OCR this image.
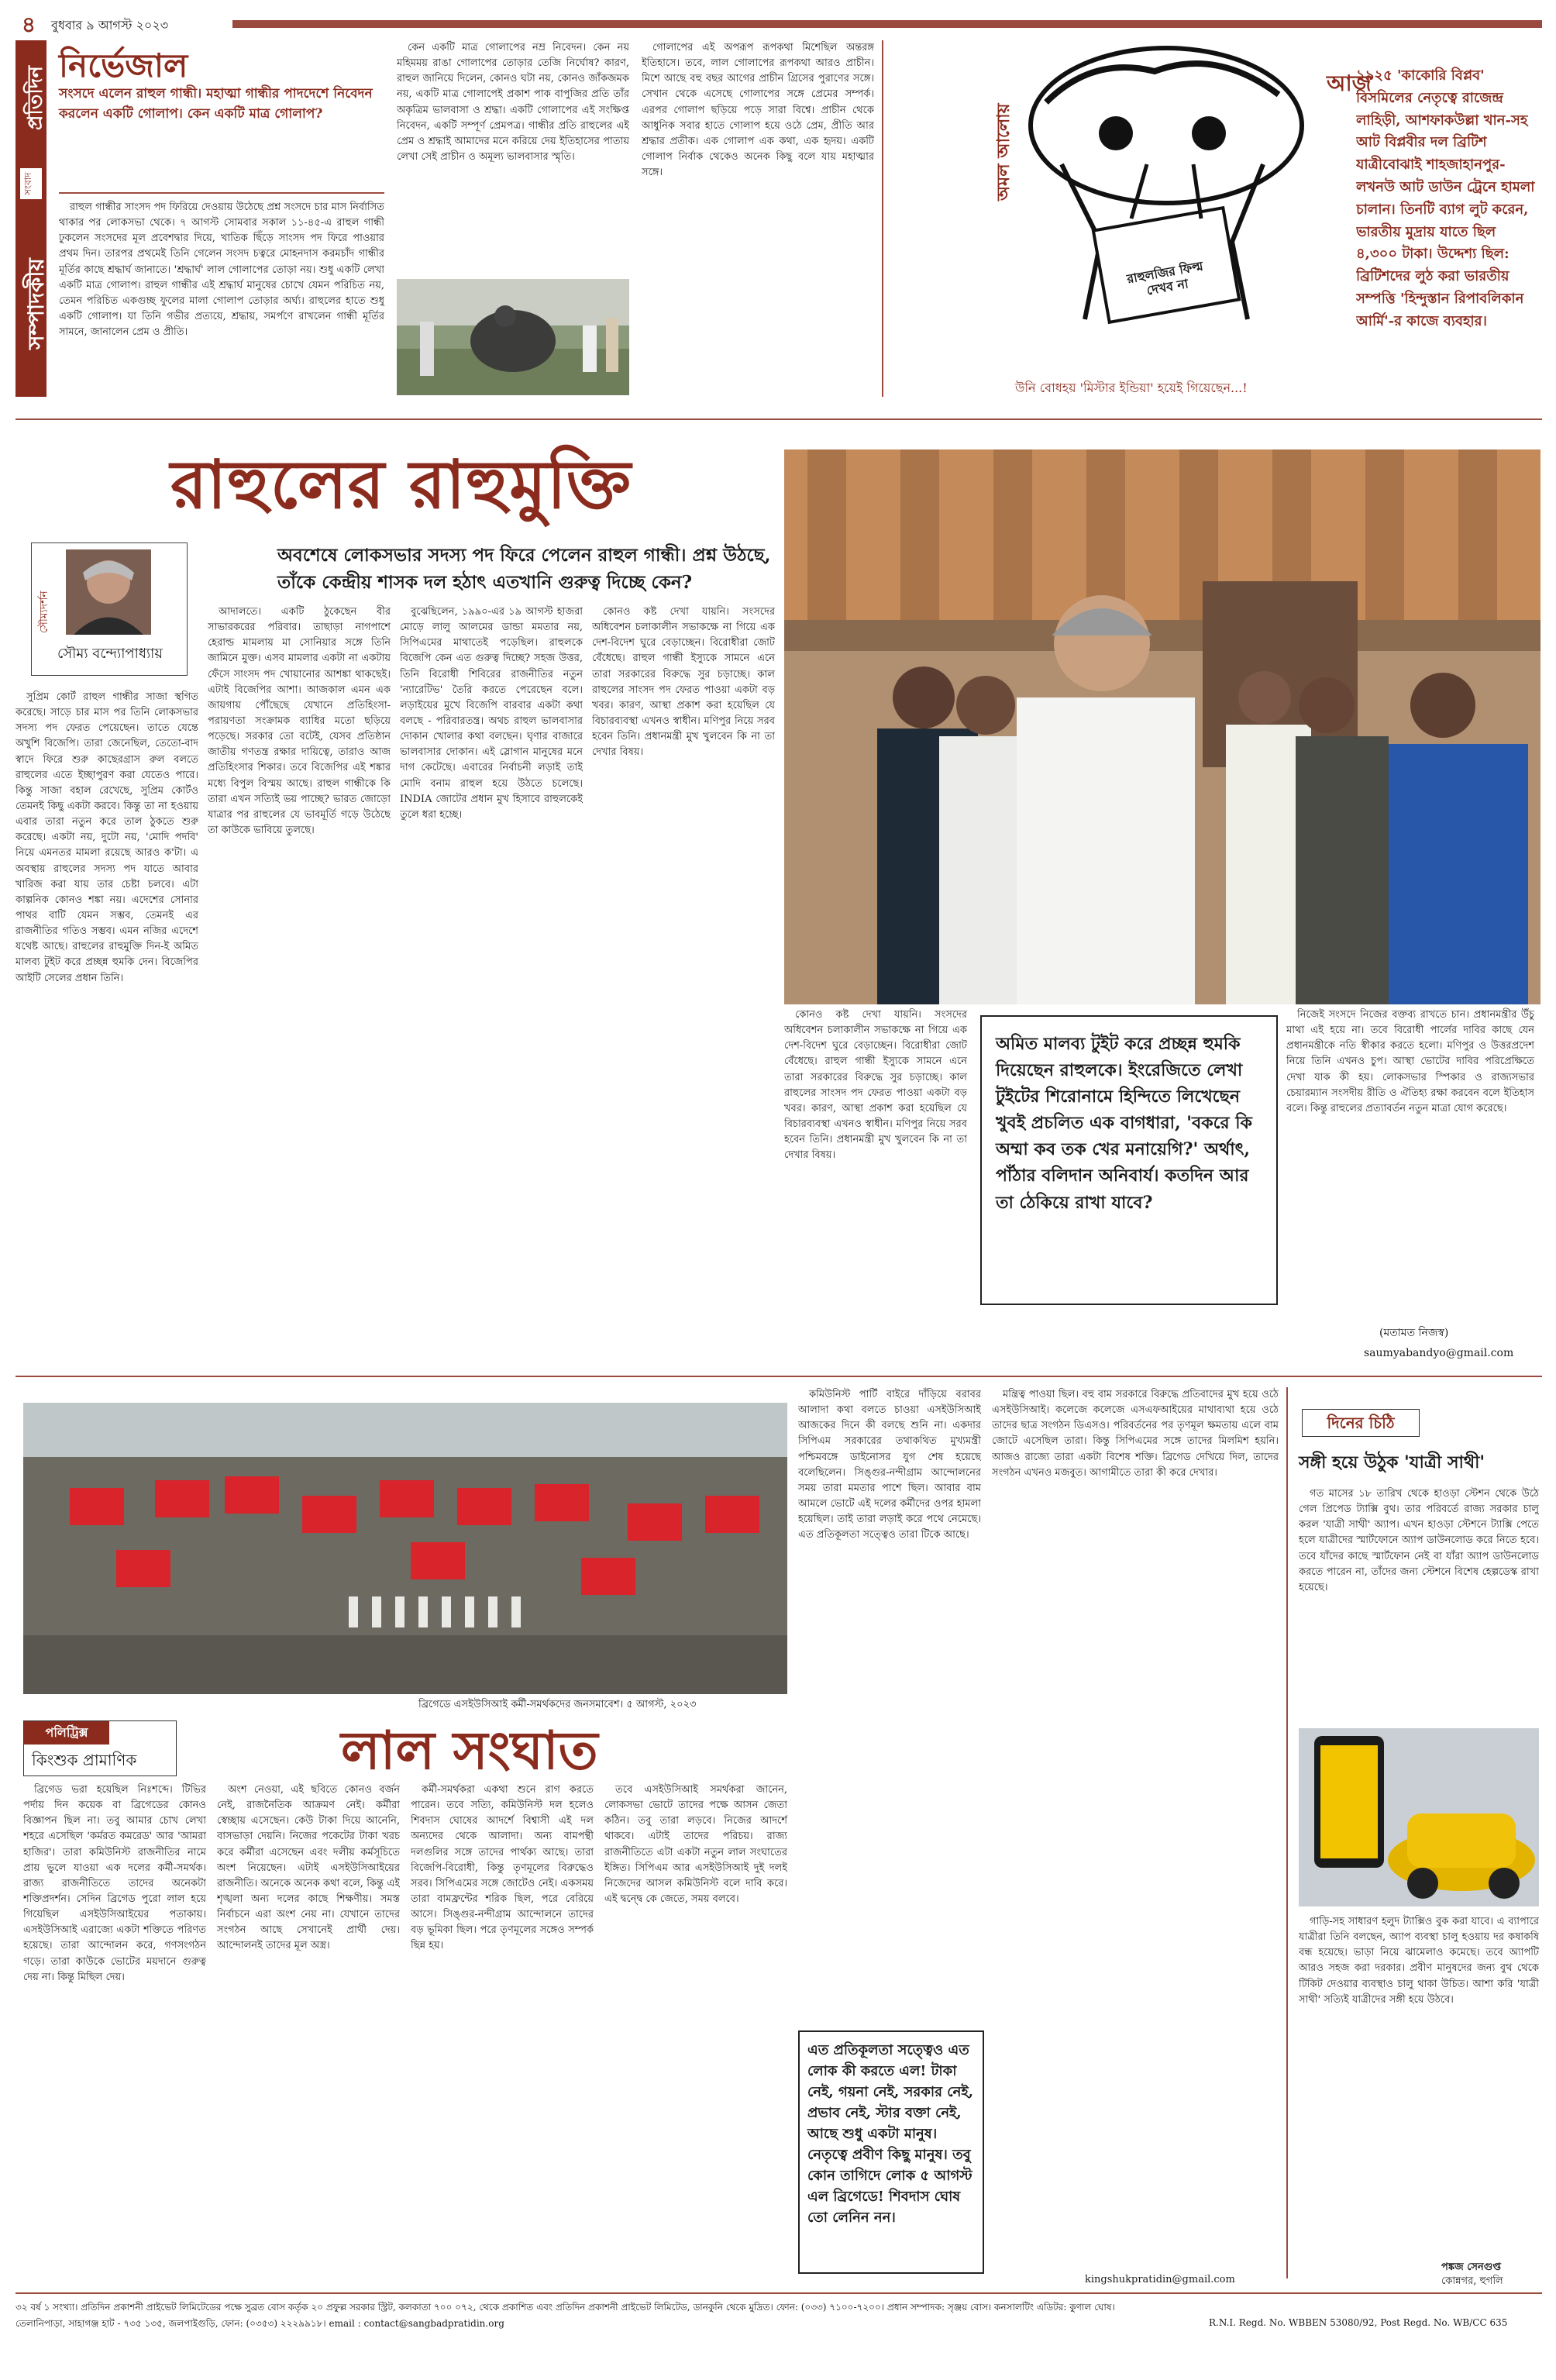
৪	বুধবার ৯ আগস্ট ২০২৩
প্রতিদিন
সংবাদ
সম্পাদকীয়
নির্ভেজাল
সংসদে এলেন রাহুল গান্ধী। মহাত্মা গান্ধীর পাদদেশে নিবেদন করলেন একটি গোলাপ। কেন একটি মাত্র গোলাপ?

রাহুল গান্ধীর সাংসদ পদ ফিরিয়ে দেওয়ায় উঠেছে প্রশ্ন সংসদে চার মাস নির্বাসিত থাকার পর লোকসভা থেকে। ৭ আগস্ট সোমবার সকাল ১১-৪৫-এ রাহুল গান্ধী ঢুকলেন সংসদের মূল প্রবেশদ্বার দিয়ে, খাতিক ছিঁড়ে সাংসদ পদ ফিরে পাওয়ার প্রথম দিন। তারপর প্রথমেই তিনি গেলেন সংসদ চত্বরে মোহনদাস করমচাঁদ গান্ধীর মূর্তির কাছে শ্রদ্ধার্ঘ জানাতে। 'শ্রদ্ধার্ঘ' লাল গোলাপের তোড়া নয়। শুধু একটি লেখা একটি মাত্র গোলাপ। রাহুল গান্ধীর এই শ্রদ্ধার্ঘ মানুষের চোখে যেমন পরিচিত নয়, তেমন পরিচিত একগুচ্ছ ফুলের মালা গোলাপ তোড়ার অর্ঘ্য। রাহুলের হাতে শুধু একটি গোলাপ। যা তিনি গভীর প্রত্যয়ে, শ্রদ্ধায়, সমর্পণে রাখলেন গান্ধী মূর্তির সামনে, জানালেন প্রেম ও প্রীতি।

কেন একটি মাত্র গোলাপের নম্র নিবেদন। কেন নয় মহিমময় রাঙা গোলাপের তোড়ার তেজি নির্ঘোষ? কারণ, রাহুল জানিয়ে দিলেন, কোনও ঘটা নয়, কোনও জাঁকজমক নয়, একটি মাত্র গোলাপেই প্রকাশ পাক বাপুজির প্রতি তাঁর অকৃত্রিম ভালবাসা ও শ্রদ্ধা। একটি গোলাপের এই সংক্ষিপ্ত নিবেদন, একটি সম্পূর্ণ প্রেমপত্র। গান্ধীর প্রতি রাহুলের এই প্রেম ও শ্রদ্ধাই আমাদের মনে করিয়ে দেয় ইতিহাসের পাতায় লেখা সেই প্রাচীন ও অমূল্য ভালবাসার স্মৃতি।

গোলাপের এই অপরূপ রূপকথা মিশেছিল অন্তরঙ্গ ইতিহাসে। তবে, লাল গোলাপের রূপকথা আরও প্রাচীন। মিশে আছে বহু বছর আগের প্রাচীন গ্রিসের পুরাণের সঙ্গে। সেখান থেকে এসেছে গোলাপের সঙ্গে প্রেমের সম্পর্ক। এরপর গোলাপ ছড়িয়ে পড়ে সারা বিশ্বে। প্রাচীন থেকে আধুনিক সবার হাতে গোলাপ হয়ে ওঠে প্রেম, প্রীতি আর শ্রদ্ধার প্রতীক। এক গোলাপ এক কথা, এক হৃদয়। একটি গোলাপ নির্বাক থেকেও অনেক কিছু বলে যায় মহাত্মার সঙ্গে।	অমল আলোয়
রাহুলজির ফিল্ম দেখব না
উনি বোধহয় 'মিস্টার ইন্ডিয়া' হয়েই গিয়েছেন...!
আজ
১৯২৫ 'কাকোরি বিপ্লব' বিসমিলের নেতৃত্বে রাজেন্দ্র লাহিড়ী, আশফাকউল্লা খান-সহ আট বিপ্লবীর দল ব্রিটিশ যাত্রীবোঝাই শাহজাহানপুর-লখনউ আট ডাউন ট্রেনে হামলা চালান। তিনটি ব্যাগ লুট করেন, ভারতীয় মুদ্রায় যাতে ছিল ৪,৩০০ টাকা। উদ্দেশ্য ছিল: ব্রিটিশদের লুঠ করা ভারতীয় সম্পত্তি 'হিন্দুস্তান রিপাবলিকান আর্মি'-র কাজে ব্যবহার।
রাহুলের রাহুমুক্তি
সৌম্যদর্শন
সৌম্য বন্দ্যোপাধ্যায়
অবশেষে লোকসভার সদস্য পদ ফিরে পেলেন রাহুল গান্ধী। প্রশ্ন উঠছে, তাঁকে কেন্দ্রীয় শাসক দল হঠাৎ এতখানি গুরুত্ব দিচ্ছে কেন?

সুপ্রিম কোর্ট রাহুল গান্ধীর সাজা স্থগিত করেছে। সাড়ে চার মাস পর তিনি লোকসভার সদস্য পদ ফেরত পেয়েছেন। তাতে যেন্তে অখুশি বিজেপি। তারা জেনেছিল, তেতো-বাদ স্বাদে ফিরে শুরু কাছেরগ্রাস রুল বলতে রাহুলের এতে ইচ্ছাপুরণ করা যেতেও পারে। কিন্তু সাজা বহাল রেখেছে, সুপ্রিম কোর্টও তেমনই কিছু একটা করবে। কিন্তু তা না হওয়ায় এবার তারা নতুন করে তাল ঠুকতে শুরু করেছে। একটা নয়, দুটো নয়, 'মোদি পদবি' নিয়ে এমনতর মামলা রয়েছে আরও ক'টা। এ অবস্থায় রাহুলের সদস্য পদ যাতে আবার খারিজ করা যায় তার চেষ্টা চলবে। এটা কাল্পনিক কোনও শঙ্কা নয়। এদেশের সোনার পাথর বাটি যেমন সম্ভব, তেমনই এর রাজনীতির গতিও সম্ভব। এমন নজির এদেশে যথেষ্ট আছে। রাহুলের রাহুমুক্তি দিন-ই অমিত মালব্য টুইট করে প্রচ্ছন্ন হুমকি দেন। বিজেপির আইটি সেলের প্রধান তিনি।

আদালতে। একটি ঠুকেছেন বীর সাভারকরের পরিবার। তাছাড়া নাগপাশে হেরাল্ড মামলায় মা সোনিয়ার সঙ্গে তিনি জামিনে মুক্ত। এসব মামলার একটা না একটায় ফেঁসে সাংসদ পদ খোয়ানোর আশঙ্কা থাকছেই। এটাই বিজেপির আশা। আজকাল এমন এক জায়গায় পৌঁছেছে যেখানে প্রতিহিংসা-পরায়ণতা সংক্রামক ব্যাধির মতো ছড়িয়ে পড়েছে। সরকার তো বটেই, যেসব প্রতিষ্ঠান জাতীয় গণতন্ত্র রক্ষার দায়িত্বে, তারাও আজ প্রতিহিংসার শিকার। তবে বিজেপির এই শঙ্কার মধ্যে বিপুল বিস্ময় আছে। রাহুল গান্ধীকে কি তারা এখন সত্যিই ভয় পাচ্ছে? ভারত জোড়ো যাত্রার পর রাহুলের যে ভাবমূর্তি গড়ে উঠেছে তা কাউকে ভাবিয়ে তুলছে।

বুঝেছিলেন, ১৯৯০-এর ১৯ আগস্ট হাজরা মোড়ে লালু আলমের ডান্ডা মমতার নয়, সিপিএমের মাথাতেই পড়েছিল। রাহুলকে বিজেপি কেন এত গুরুত্ব দিচ্ছে? সহজ উত্তর, তিনি বিরোধী শিবিরের রাজনীতির নতুন 'ন্যারেটিভ' তৈরি করতে পেরেছেন বলে। লড়াইয়ের মুখে বিজেপি বারবার একটা কথা বলছে - পরিবারতন্ত্র। অথচ রাহুল ভালবাসার দোকান খোলার কথা বলছেন। ঘৃণার বাজারে ভালবাসার দোকান। এই স্লোগান মানুষের মনে দাগ কেটেছে। এবারের নির্বাচনী লড়াই তাই মোদি বনাম রাহুল হয়ে উঠতে চলেছে। INDIA জোটের প্রধান মুখ হিসাবে রাহুলকেই তুলে ধরা হচ্ছে।

কোনও কষ্ট দেখা যায়নি। সংসদের অধিবেশন চলাকালীন সভাকক্ষে না গিয়ে এক দেশ-বিদেশ ঘুরে বেড়াচ্ছেন। বিরোধীরা জোট বেঁধেছে। রাহুল গান্ধী ইস্যুকে সামনে এনে তারা সরকারের বিরুদ্ধে সুর চড়াচ্ছে। কাল রাহুলের সাংসদ পদ ফেরত পাওয়া একটা বড় খবর। কারণ, আস্থা প্রকাশ করা হয়েছিল যে বিচারব্যবস্থা এখনও স্বাধীন। মণিপুর নিয়ে সরব হবেন তিনি। প্রধানমন্ত্রী মুখ খুলবেন কি না তা দেখার বিষয়।

কোনও কষ্ট দেখা যায়নি। সংসদের অধিবেশন চলাকালীন সভাকক্ষে না গিয়ে এক দেশ-বিদেশ ঘুরে বেড়াচ্ছেন। বিরোধীরা জোট বেঁধেছে। রাহুল গান্ধী ইস্যুকে সামনে এনে তারা সরকারের বিরুদ্ধে সুর চড়াচ্ছে। কাল রাহুলের সাংসদ পদ ফেরত পাওয়া একটা বড় খবর। কারণ, আস্থা প্রকাশ করা হয়েছিল যে বিচারব্যবস্থা এখনও স্বাধীন। মণিপুর নিয়ে সরব হবেন তিনি। প্রধানমন্ত্রী মুখ খুলবেন কি না তা দেখার বিষয়।

অমিত মালব্য টুইট করে প্রচ্ছন্ন হুমকি দিয়েছেন রাহুলকে। ইংরেজিতে লেখা টুইটের শিরোনামে হিন্দিতে লিখেছেন খুবই প্রচলিত এক বাগধারা, 'বকরে কি অম্মা কব তক খের মনায়েগি?' অর্থাৎ, পাঁঠার বলিদান অনিবার্য। কতদিন আর তা ঠেকিয়ে রাখা যাবে?

নিজেই সংসদে নিজের বক্তব্য রাখতে চান। প্রধানমন্ত্রীর উঁচু মাথা এই হয়ে না। তবে বিরোধী পার্লের দাবির কাছে যেন প্রধানমন্ত্রীকে নতি স্বীকার করতে হলো। মণিপুর ও উত্তরপ্রদেশ নিয়ে তিনি এখনও চুপ। আস্থা ভোটের দাবির পরিপ্রেক্ষিতে দেখা যাক কী হয়। লোকসভার স্পিকার ও রাজ্যসভার চেয়ারম্যান সংসদীয় রীতি ও ঐতিহ্য রক্ষা করবেন বলে ইতিহাস বলে। কিন্তু রাহুলের প্রত্যাবর্তন নতুন মাত্রা যোগ করেছে।

(মতামত নিজস্ব)
saumyabandyo@gmail.com
ব্রিগেডে এসইউসিআই কর্মী-সমর্থকদের জনসমাবেশ। ৫ আগস্ট, ২০২৩
পলিট্রিক্স
কিংশুক প্রামাণিক	লাল সংঘাত

ব্রিগেড ভরা হয়েছিল নিঃশব্দে। টিভির পর্দায় দিন কয়েক বা ব্রিগেডের কোনও বিজ্ঞাপন ছিল না। তবু আমার চোখ লেখা শহরে এসেছিল 'কর্মরত কমরেড' আর 'আমরা হাজির'। তারা কমিউনিস্ট রাজনীতির নামে প্রায় ভুলে যাওয়া এক দলের কর্মী-সমর্থক। রাজ্য রাজনীতিতে তাদের অনেকটা শক্তিপ্রদর্শন। সেদিন ব্রিগেড পুরো লাল হয়ে গিয়েছিল এসইউসিআইয়ের পতাকায়। এসইউসিআই এরাজ্যে একটা শক্তিতে পরিণত হয়েছে। তারা আন্দোলন করে, গণসংগঠন গড়ে। তারা কাউকে ভোটের ময়দানে গুরুত্ব দেয় না। কিন্তু মিছিল দেয়।

অংশ নেওয়া, এই ছবিতে কোনও বর্জন নেই, রাজনৈতিক আক্রমণ নেই। কর্মীরা স্বেচ্ছায় এসেছেন। কেউ টাকা দিয়ে আনেনি, বাসভাড়া দেয়নি। নিজের পকেটের টাকা খরচ করে কর্মীরা এসেছেন এবং দলীয় কর্মসূচিতে অংশ নিয়েছেন। এটাই এসইউসিআইয়ের রাজনীতি। অনেকে অনেক কথা বলে, কিন্তু এই শৃঙ্খলা অন্য দলের কাছে শিক্ষণীয়। সমস্ত নির্বাচনে এরা অংশ নেয় না। যেখানে তাদের সংগঠন আছে সেখানেই প্রার্থী দেয়। আন্দোলনই তাদের মূল অস্ত্র।

কর্মী-সমর্থকরা একথা শুনে রাগ করতে পারেন। তবে সত্যি, কমিউনিস্ট দল হলেও শিবদাস ঘোষের আদর্শে বিশ্বাসী এই দল অন্যদের থেকে আলাদা। অন্য বামপন্থী দলগুলির সঙ্গে তাদের পার্থক্য আছে। তারা বিজেপি-বিরোধী, কিন্তু তৃণমূলের বিরুদ্ধেও সরব। সিপিএমের সঙ্গে জোটেও নেই। একসময় তারা বামফ্রন্টের শরিক ছিল, পরে বেরিয়ে আসে। সিঙ্গুর-নন্দীগ্রাম আন্দোলনে তাদের বড় ভূমিকা ছিল। পরে তৃণমূলের সঙ্গেও সম্পর্ক ছিন্ন হয়।

তবে এসইউসিআই সমর্থকরা জানেন, লোকসভা ভোটে তাদের পক্ষে আসন জেতা কঠিন। তবু তারা লড়বে। নিজের আদর্শে থাকবে। এটাই তাদের পরিচয়। রাজ্য রাজনীতিতে এটা একটা নতুন লাল সংঘাতের ইঙ্গিত। সিপিএম আর এসইউসিআই দুই দলই নিজেদের আসল কমিউনিস্ট বলে দাবি করে। এই দ্বন্দ্বে কে জেতে, সময় বলবে।

কমিউনিস্ট পার্টি বাইরে দাঁড়িয়ে বরাবর আলাদা কথা বলতে চাওয়া এসইউসিআই আজকের দিনে কী বলছে শুনি না। একদার সিপিএম সরকারের তথাকথিত মুখ্যমন্ত্রী পশ্চিমবঙ্গে ডাইনোসর যুগ শেষ হয়েছে বলেছিলেন। সিঙ্গুর-নন্দীগ্রাম আন্দোলনের সময় তারা মমতার পাশে ছিল। আবার বাম আমলে ভোটে এই দলের কর্মীদের ওপর হামলা হয়েছিল। তাই তারা লড়াই করে পথে নেমেছে। এত প্রতিকূলতা সত্ত্বেও তারা টিকে আছে।

এত প্রতিকূলতা সত্ত্বেও এত লোক কী করতে এল! টাকা নেই, গয়না নেই, সরকার নেই, প্রভাব নেই, স্টার বক্তা নেই, আছে শুধু একটা মানুষ। নেতৃত্বে প্রবীণ কিছু মানুষ। তবু কোন তাগিদে লোক ৫ আগস্ট এল ব্রিগেডে! শিবদাস ঘোষ তো লেনিন নন।

মন্ত্রিত্ব পাওয়া ছিল। বহু বাম সরকারে বিরুদ্ধে প্রতিবাদের মুখ হয়ে ওঠে এসইউসিআই। কলেজে কলেজে এসএফআইয়ের মাথাব্যথা হয়ে ওঠে তাদের ছাত্র সংগঠন ডিএসও। পরিবর্তনের পর তৃণমূল ক্ষমতায় এলে বাম জোটে এসেছিল তারা। কিন্তু সিপিএমের সঙ্গে তাদের মিলমিশ হয়নি। আজও রাজ্যে তারা একটা বিশেষ শক্তি। ব্রিগেড দেখিয়ে দিল, তাদের সংগঠন এখনও মজবুত। আগামীতে তারা কী করে দেখার।

kingshukpratidin@gmail.com
দিনের চিঠি
সঙ্গী হয়ে উঠুক 'যাত্রী সাথী'

গত মাসের ১৮ তারিখ থেকে হাওড়া স্টেশন থেকে উঠে গেল প্রিপেড ট্যাক্সি বুথ। তার পরিবর্তে রাজ্য সরকার চালু করল 'যাত্রী সাথী' অ্যাপ। এখন হাওড়া স্টেশনে ট্যাক্সি পেতে হলে যাত্রীদের স্মার্টফোনে অ্যাপ ডাউনলোড করে নিতে হবে। তবে যাঁদের কাছে স্মার্টফোন নেই বা যাঁরা অ্যাপ ডাউনলোড করতে পারেন না, তাঁদের জন্য স্টেশনে বিশেষ হেল্পডেস্ক রাখা হয়েছে।

গাড়ি-সহ সাধারণ হলুদ ট্যাক্সিও বুক করা যাবে। এ ব্যাপারে যাত্রীরা তিনি বলছেন, অ্যাপ ব্যবস্থা চালু হওয়ায় দর কষাকষি বন্ধ হয়েছে। ভাড়া নিয়ে ঝামেলাও কমেছে। তবে অ্যাপটি আরও সহজ করা দরকার। প্রবীণ মানুষদের জন্য বুথ থেকে টিকিট দেওয়ার ব্যবস্থাও চালু থাকা উচিত। আশা করি 'যাত্রী সাথী' সত্যিই যাত্রীদের সঙ্গী হয়ে উঠবে।

পঙ্কজ সেনগুপ্ত
কোন্নগর, হুগলি
৩২ বর্ষ ১ সংখ্যা। প্রতিদিন প্রকাশনী প্রাইভেট লিমিটেডের পক্ষে সুব্রত বোস কর্তৃক ২০ প্রফুল্ল সরকার স্ট্রিট, কলকাতা ৭০০ ০৭২, থেকে প্রকাশিত এবং প্রতিদিন প্রকাশনী প্রাইভেট লিমিটেড, ডানকুনি থেকে মুদ্রিত। ফোন: (০৩৩) ৭১০০-৭২০০। প্রধান সম্পাদক: সৃঞ্জয় বোস। কনসালটিং এডিটর: কুণাল ঘোষ।
তেলানিপাড়া, সাহাগঞ্জ হাট - ৭৩৫ ১৩৫, জলপাইগুড়ি, ফোন: (০৩৫৩) ২২২৯৯১৮। email : contact@sangbadpratidin.org	R.N.I. Regd. No. WBBEN 53080/92, Post Regd. No. WB/CC 635
